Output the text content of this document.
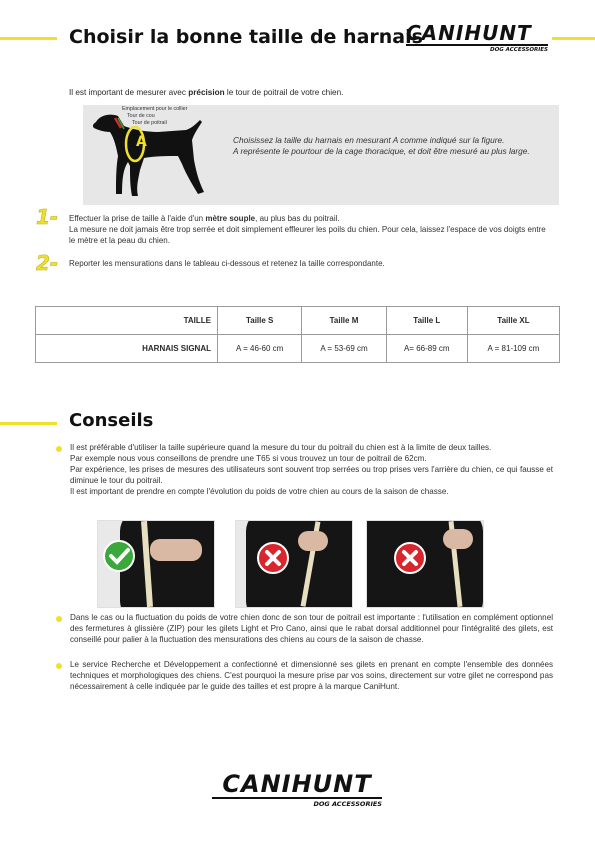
Choisir la bonne taille de harnais
CANIHUNT
DOG ACCESSORIES
Il est important de mesurer avec précision le tour de poitrail de votre chien.
A
Emplacement pour le collier
Tour de cou
Tour de poitrail
Choisissez la taille du harnais en mesurant A comme indiqué sur la figure.
A représente le pourtour de la cage thoracique, et doit être mesuré au plus large.
1- Effectuer la prise de taille à l'aide d'un mètre souple, au plus bas du poitrail.
La mesure ne doit jamais être trop serrée et doit simplement effleurer les poils du chien. Pour cela, laissez l'espace de vos doigts entre le mètre et la peau du chien.
2- Reporter les mensurations dans le tableau ci-dessous et retenez la taille correspondante.
TAILLE	Taille S	Taille M	Taille L	Taille XL
HARNAIS SIGNAL	A = 46-60 cm	A = 53-69 cm	A= 66-89 cm	A = 81-109 cm
Conseils
Il est préférable d'utiliser la taille supérieure quand la mesure du tour du poitrail du chien est à la limite de deux tailles.
Par exemple nous vous conseillons de prendre une T65 si vous trouvez un tour de poitrail de 62cm.
Par expérience, les prises de mesures des utilisateurs sont souvent trop serrées ou trop prises vers l'arrière du chien, ce qui fausse et diminue le tour du poitrail.
Il est important de prendre en compte l'évolution du poids de votre chien au cours de la saison de chasse.
Dans le cas ou la fluctuation du poids de votre chien donc de son tour de poitrail est importante : l'utilisation en complément optionnel des fermetures à glissière (ZIP) pour les gilets Light et Pro Cano, ainsi que le rabat dorsal additionnel pour l'intégralité des gilets, est conseillé pour palier à la fluctuation des mensurations des chiens au cours de la saison de chasse.
Le service Recherche et Développement a confectionné et dimensionné ses gilets en prenant en compte l'ensemble des données techniques et morphologiques des chiens. C'est pourquoi la mesure prise par vos soins, directement sur votre gilet ne correspond pas nécessairement à celle indiquée par le guide des tailles et est propre à la marque CaniHunt.
CANIHUNT
DOG ACCESSORIES
